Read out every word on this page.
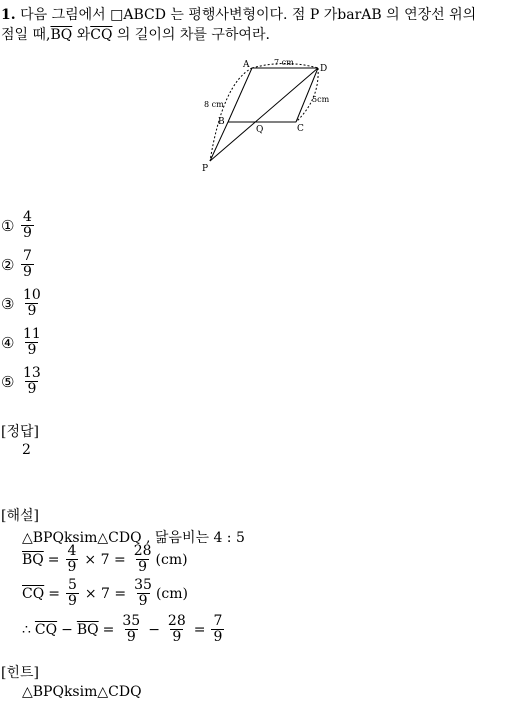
1. 다음 그림에서 □ABCD 는 평행사변형이다. 점 P 가barAB 의 연장선 위의
점일 때$,\overline{BQ}$ 와$\overline{CQ}$ 의 길이의 차를 구하여라.
A	D
B
C
Q
P
7 cm
8 cm
5cm
① $\frac{4}{9}$
② $\frac{7}{9}$
③ $\frac{10}{9}$
④ $\frac{11}{9}$
⑤ $\frac{13}{9}$
[정답]
2
[해설]
△BPQksim△CDQ , 닮음비는 4 : 5
$\overline{BQ} = \frac{4}{9} \times 7 = \frac{28}{9} (cm)$
$\overline{CQ} = \frac{5}{9} \times 7 = \frac{35}{9} (cm)$
∴ $\overline{CQ} - \overline{BQ} = \frac{35}{9} - \frac{28}{9} = \frac{7}{9}$
[힌트]
△BPQksim△CDQ
